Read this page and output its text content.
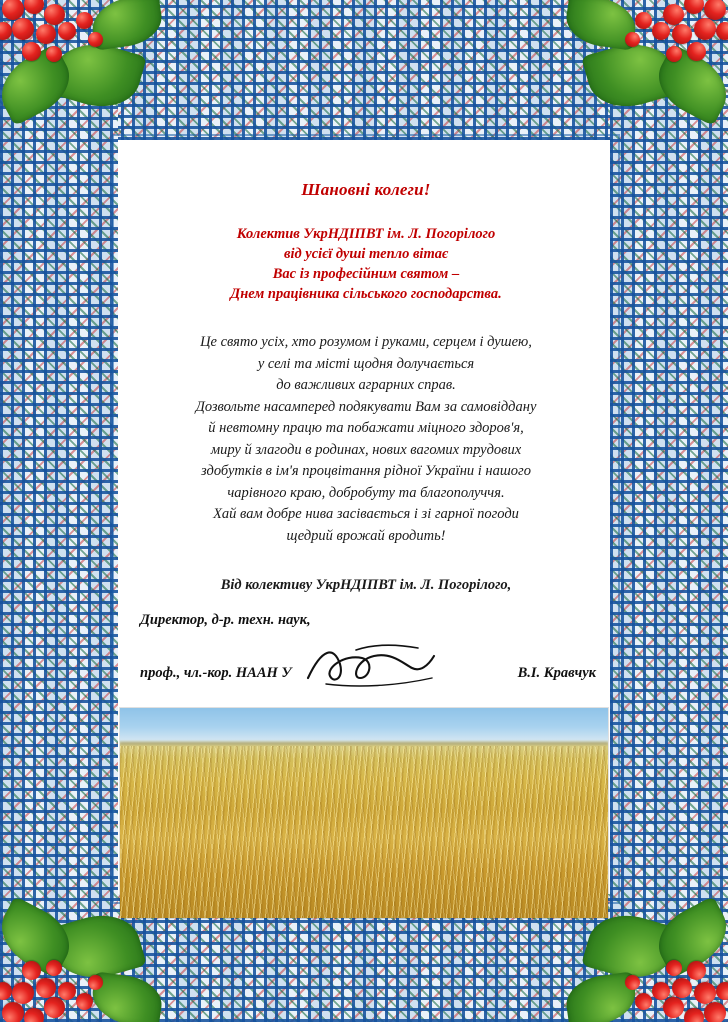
Шановні колеги!
Колектив УкрНДІПВТ ім. Л. Погорілого
від усієї душі тепло вітає
Вас із професійним святом –
Днем працівника сільського господарства.
Це свято усіх, хто розумом і руками, серцем і душею,
у селі та місті щодня долучається
до важливих аграрних справ.
Дозвольте насамперед подякувати Вам за самовіддану
й невтомну працю та побажати міцного здоров'я,
миру й злагоди в родинах, нових вагомих трудових
здобутків в ім'я процвітання рідної України і нашого
чарівного краю, добробуту та благополуччя.
Хай вам добре нива засівається і зі гарної погоди
щедрий врожай вродить!
Від колективу УкрНДІПВТ ім. Л. Погорілого,
Директор, д-р. техн. наук,
проф., чл.-кор. НААН У	В.І. Кравчук
